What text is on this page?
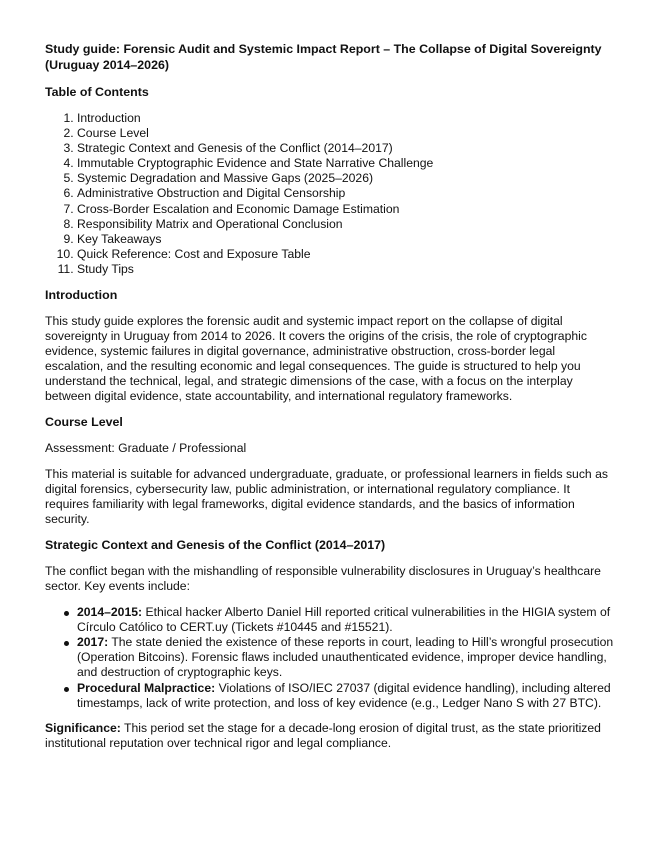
Study guide: Forensic Audit and Systemic Impact Report – The Collapse of Digital Sovereignty (Uruguay 2014–2026)
Table of Contents
1. Introduction
2. Course Level
3. Strategic Context and Genesis of the Conflict (2014–2017)
4. Immutable Cryptographic Evidence and State Narrative Challenge
5. Systemic Degradation and Massive Gaps (2025–2026)
6. Administrative Obstruction and Digital Censorship
7. Cross-Border Escalation and Economic Damage Estimation
8. Responsibility Matrix and Operational Conclusion
9. Key Takeaways
10. Quick Reference: Cost and Exposure Table
11. Study Tips
Introduction

This study guide explores the forensic audit and systemic impact report on the collapse of digital sovereignty in Uruguay from 2014 to 2026. It covers the origins of the crisis, the role of cryptographic evidence, systemic failures in digital governance, administrative obstruction, cross-border legal escalation, and the resulting economic and legal consequences. The guide is structured to help you understand the technical, legal, and strategic dimensions of the case, with a focus on the interplay between digital evidence, state accountability, and international regulatory frameworks.

Course Level

Assessment: Graduate / Professional

This material is suitable for advanced undergraduate, graduate, or professional learners in fields such as digital forensics, cybersecurity law, public administration, or international regulatory compliance. It requires familiarity with legal frameworks, digital evidence standards, and the basics of information security.

Strategic Context and Genesis of the Conflict (2014–2017)

The conflict began with the mishandling of responsible vulnerability disclosures in Uruguay’s healthcare sector. Key events include:

2014–2015: Ethical hacker Alberto Daniel Hill reported critical vulnerabilities in the HIGIA system of Círculo Católico to CERT.uy (Tickets #10445 and #15521).
2017: The state denied the existence of these reports in court, leading to Hill’s wrongful prosecution (Operation Bitcoins). Forensic flaws included unauthenticated evidence, improper device handling, and destruction of cryptographic keys.
Procedural Malpractice: Violations of ISO/IEC 27037 (digital evidence handling), including altered timestamps, lack of write protection, and loss of key evidence (e.g., Ledger Nano S with 27 BTC).

Significance: This period set the stage for a decade-long erosion of digital trust, as the state prioritized institutional reputation over technical rigor and legal compliance.
